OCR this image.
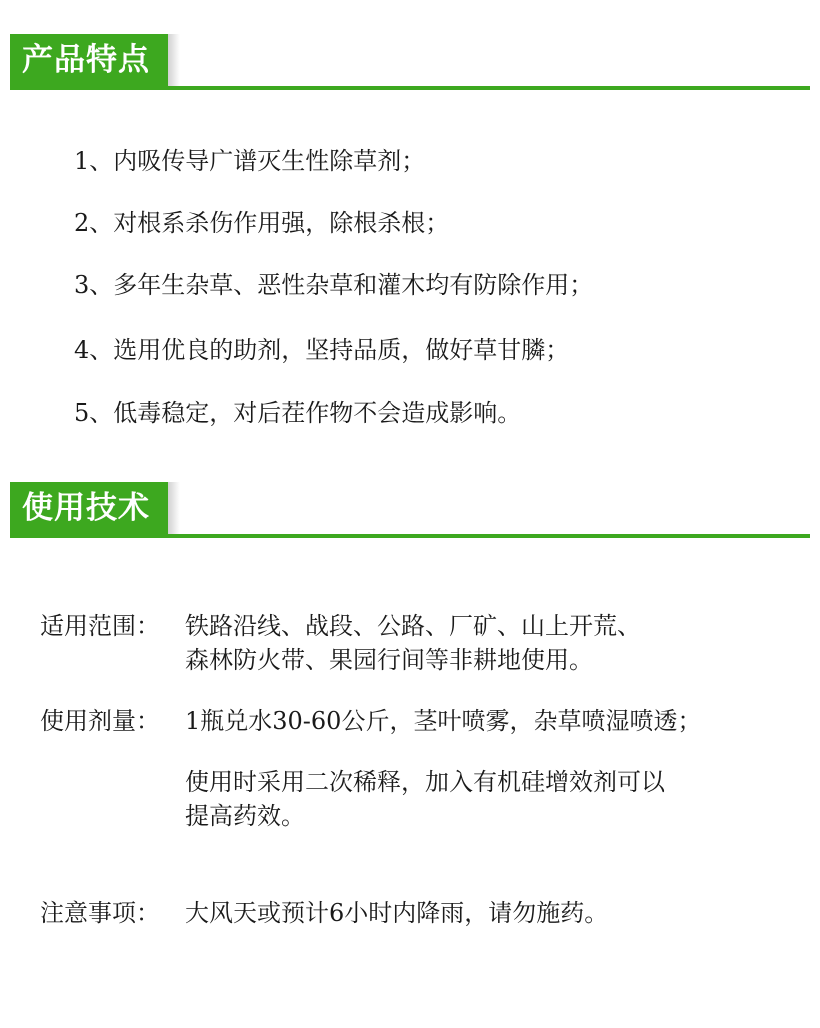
产品特点
1、内吸传导广谱灭生性除草剂；
2、对根系杀伤作用强，除根杀根；
3、多年生杂草、恶性杂草和灌木均有防除作用；
4、选用优良的助剂，坚持品质，做好草甘膦；
5、低毒稳定，对后茬作物不会造成影响。
使用技术
适用范围： 铁路沿线、战段、公路、厂矿、山上开荒、
森林防火带、果园行间等非耕地使用。
使用剂量： 1瓶兑水30-60公斤，茎叶喷雾，杂草喷湿喷透；
使用时采用二次稀释，加入有机硅增效剂可以
提高药效。
注意事项： 大风天或预计6小时内降雨，请勿施药。
